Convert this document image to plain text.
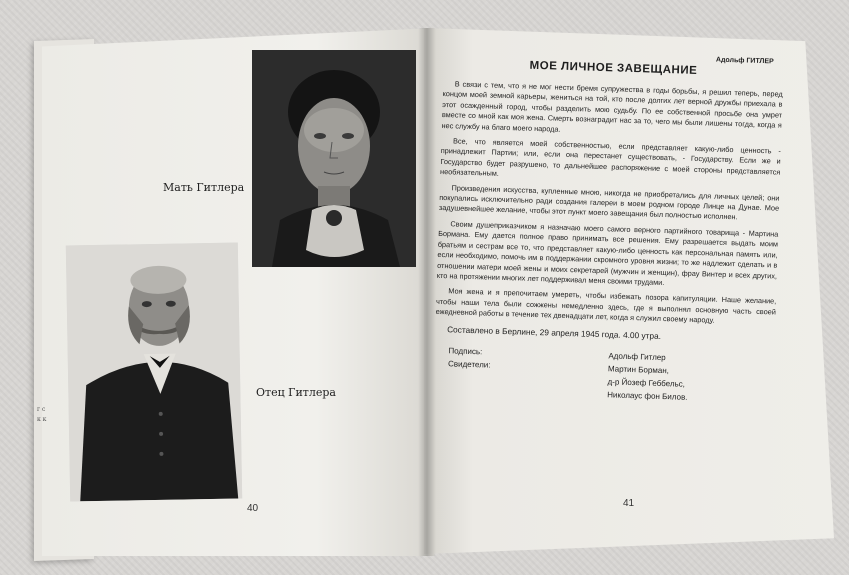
г с к к
Мать Гитлера
Отец Гитлера
40
Адольф ГИТЛЕР
МОЕ ЛИЧНОЕ ЗАВЕЩАНИЕ

В связи с тем, что я не мог нести бремя супружества в годы борьбы, я решил теперь, перед концом моей земной карьеры, жениться на той, кто после долгих лет верной дружбы приехала в этот осажденный город, чтобы разделить мою судьбу. По ее собственной просьбе она умрет вместе со мной как моя жена. Смерть вознаградит нас за то, чего мы были лишены тогда, когда я нес службу на благо моего народа.

Все, что является моей собственностью, если представляет какую-либо ценность - принадлежит Партии; или, если она перестанет существовать, - Государству. Если же и Государство будет разрушено, то дальнейшее распоряжение с моей стороны представляется необязательным.

Произведения искусства, купленные мною, никогда не приобретались для личных целей; они покупались исключительно ради создания галереи в моем родном городе Линце на Дунае. Мое задушевнейшее желание, чтобы этот пункт моего завещания был полностью исполнен.

Своим душеприказчиком я назначаю моего самого верного партийного товарища - Мартина Бормана. Ему дается полное право принимать все решения. Ему разрешается выдать моим братьям и сестрам все то, что представляет какую-либо ценность как персональная память или, если необходимо, помочь им в поддержании скромного уровня жизни; то же надлежит сделать и в отношении матери моей жены и моих секретарей (мужчин и женщин), фрау Винтер и всех других, кто на протяжении многих лет поддерживал меня своими трудами.

Моя жена и я препочитаем умереть, чтобы избежать позора капитуляции. Наше желание, чтобы наши тела были сожжены немедленно здесь, где я выполнял основную часть своей ежедневной работы в течение тех двенадцати лет, когда я служил своему народу.

Составлено в Берлине, 29 апреля 1945 года. 4.00 утра.

Подпись:
Свидетели:
Адольф Гитлер
Мартин Борман,
д-р Йозеф Геббельс,
Николаус фон Билов.
41
